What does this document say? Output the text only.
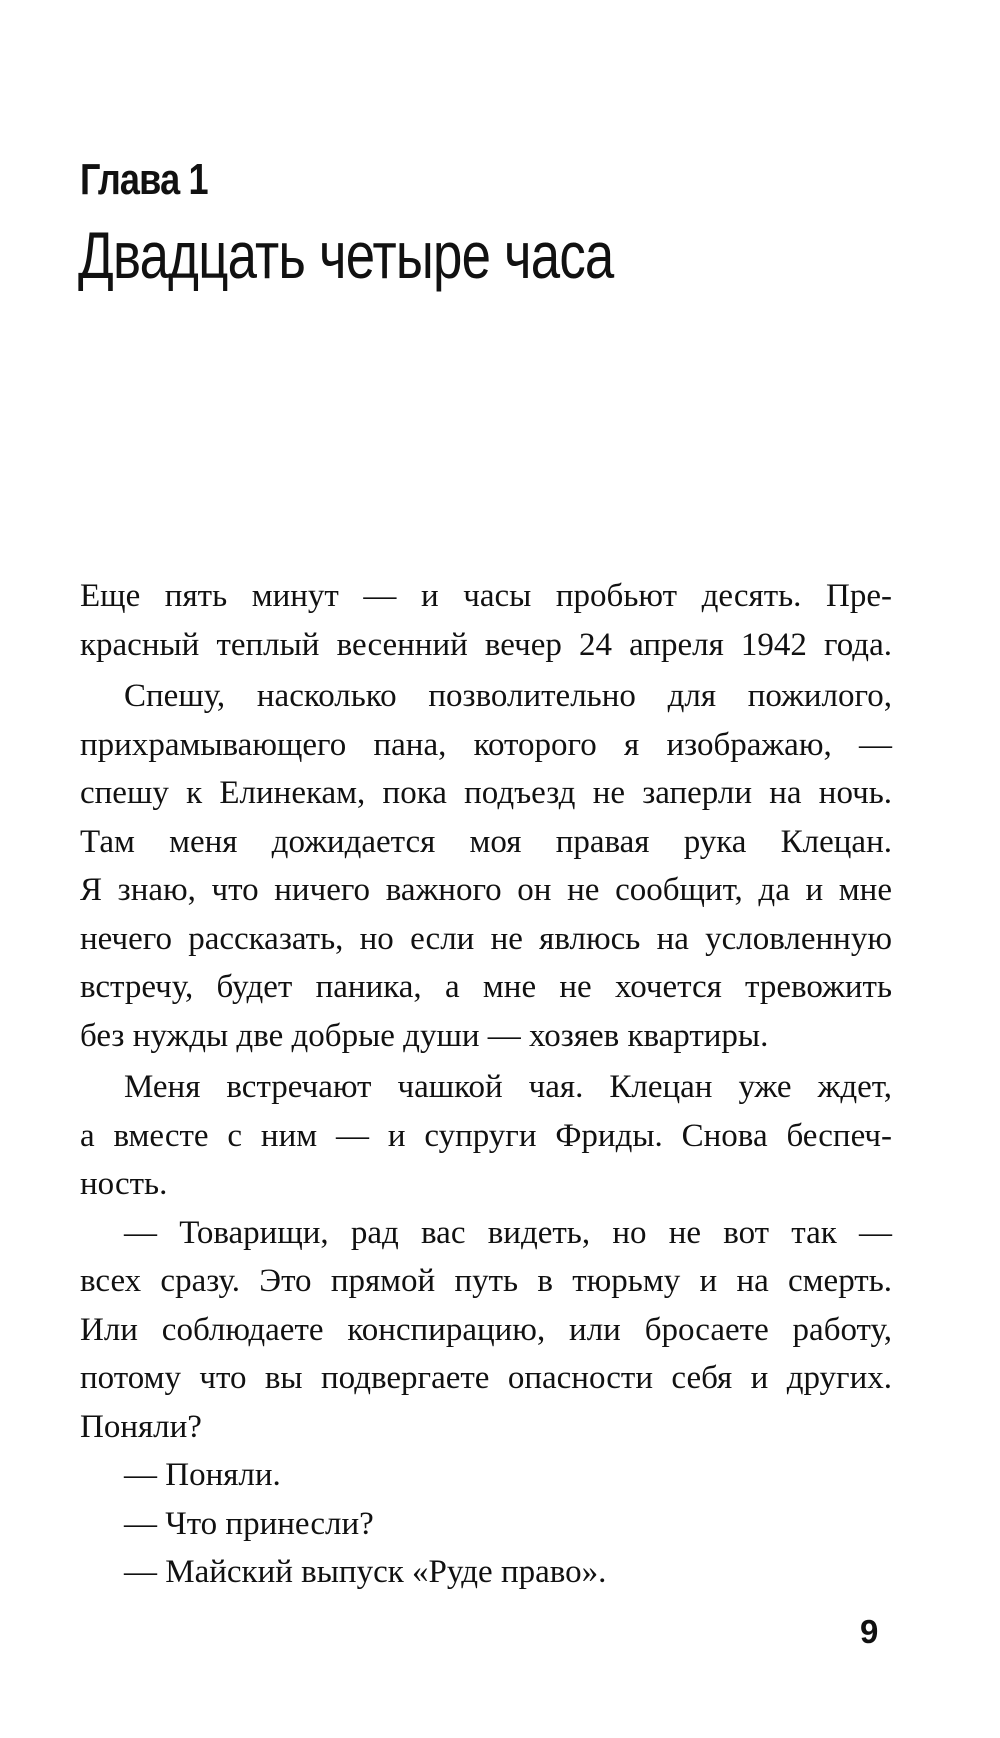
Глава 1
Двадцать четыре часа
Еще пять минут — и часы пробьют десять. Пре-
красный теплый весенний вечер 24 апреля 1942 года.
Спешу, насколько позволительно для пожилого,
прихрамывающего пана, которого я изображаю, —
спешу к Елинекам, пока подъезд не заперли на ночь.
Там меня дожидается моя правая рука Клецан.
Я знаю, что ничего важного он не сообщит, да и мне
нечего рассказать, но если не явлюсь на условленную
встречу, будет паника, а мне не хочется тревожить
без нужды две добрые души — хозяев квартиры.
Меня встречают чашкой чая. Клецан уже ждет,
а вместе с ним — и супруги Фриды. Снова беспеч-
ность.
— Товарищи, рад вас видеть, но не вот так —
всех сразу. Это прямой путь в тюрьму и на смерть.
Или соблюдаете конспирацию, или бросаете работу,
потому что вы подвергаете опасности себя и других.
Поняли?
— Поняли.
— Что принесли?
— Майский выпуск «Руде право».
9
